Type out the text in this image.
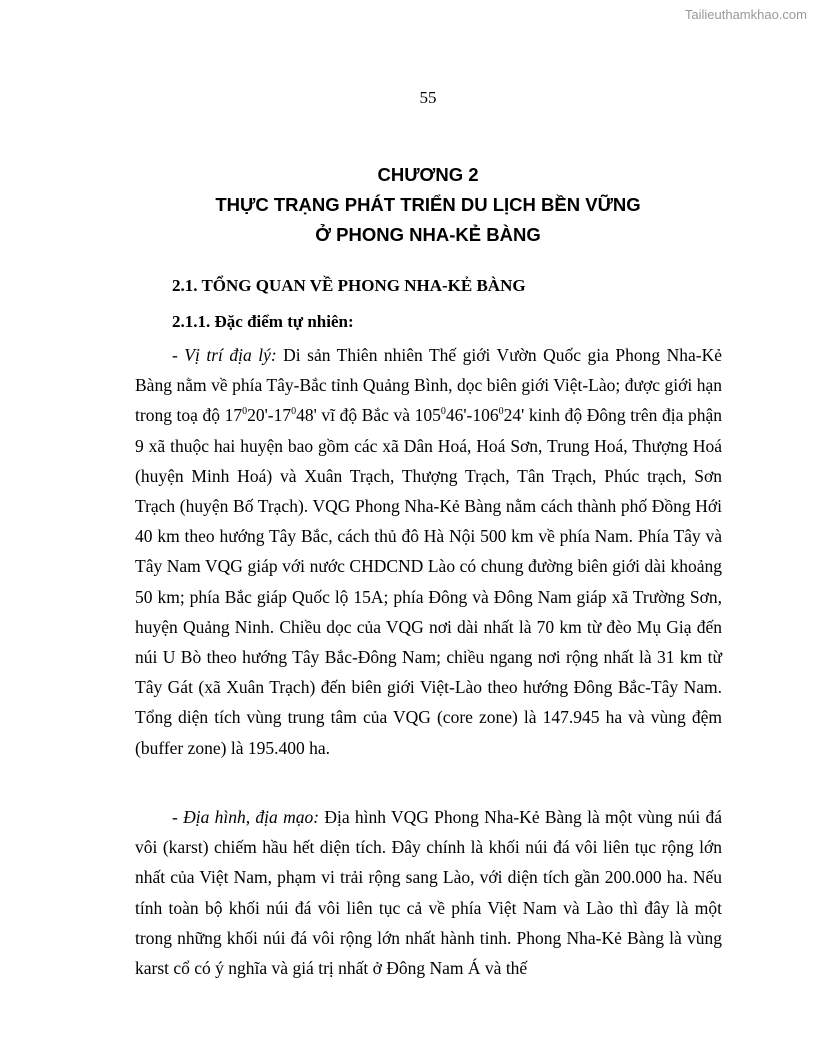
Tailieuthamkhao.com
55
CHƯƠNG 2
THỰC TRẠNG PHÁT TRIỂN DU LỊCH BỀN VỮNG
Ở PHONG NHA-KẺ BÀNG
2.1. TỔNG QUAN VỀ PHONG NHA-KẺ BÀNG
2.1.1. Đặc điểm tự nhiên:

- Vị trí địa lý: Di sản Thiên nhiên Thế giới Vườn Quốc gia Phong Nha-Kẻ Bàng nằm về phía Tây-Bắc tỉnh Quảng Bình, dọc biên giới Việt-Lào; được giới hạn trong toạ độ $17^020'-17^048'$ vĩ độ Bắc và $105^046'-106^024'$ kinh độ Đông trên địa phận 9 xã thuộc hai huyện bao gồm các xã Dân Hoá, Hoá Sơn, Trung Hoá, Thượng Hoá (huyện Minh Hoá) và Xuân Trạch, Thượng Trạch, Tân Trạch, Phúc trạch, Sơn Trạch (huyện Bố Trạch). VQG Phong Nha-Kẻ Bàng nằm cách thành phố Đồng Hới 40 km theo hướng Tây Bắc, cách thủ đô Hà Nội 500 km về phía Nam. Phía Tây và Tây Nam VQG giáp với nước CHDCND Lào có chung đường biên giới dài khoảng 50 km; phía Bắc giáp Quốc lộ 15A; phía Đông và Đông Nam giáp xã Trường Sơn, huyện Quảng Ninh. Chiều dọc của VQG nơi dài nhất là 70 km từ đèo Mụ Giạ đến núi U Bò theo hướng Tây Bắc-Đông Nam; chiều ngang nơi rộng nhất là 31 km từ Tây Gát (xã Xuân Trạch) đến biên giới Việt-Lào theo hướng Đông Bắc-Tây Nam. Tổng diện tích vùng trung tâm của VQG (core zone) là 147.945 ha và vùng đệm (buffer zone) là 195.400 ha.

- Địa hình, địa mạo: Địa hình VQG Phong Nha-Kẻ Bàng là một vùng núi đá vôi (karst) chiếm hầu hết diện tích. Đây chính là khối núi đá vôi liên tục rộng lớn nhất của Việt Nam, phạm vi trải rộng sang Lào, với diện tích gần 200.000 ha. Nếu tính toàn bộ khối núi đá vôi liên tục cả về phía Việt Nam và Lào thì đây là một trong những khối núi đá vôi rộng lớn nhất hành tinh. Phong Nha-Kẻ Bàng là vùng karst cổ có ý nghĩa và giá trị nhất ở Đông Nam Á và thế
